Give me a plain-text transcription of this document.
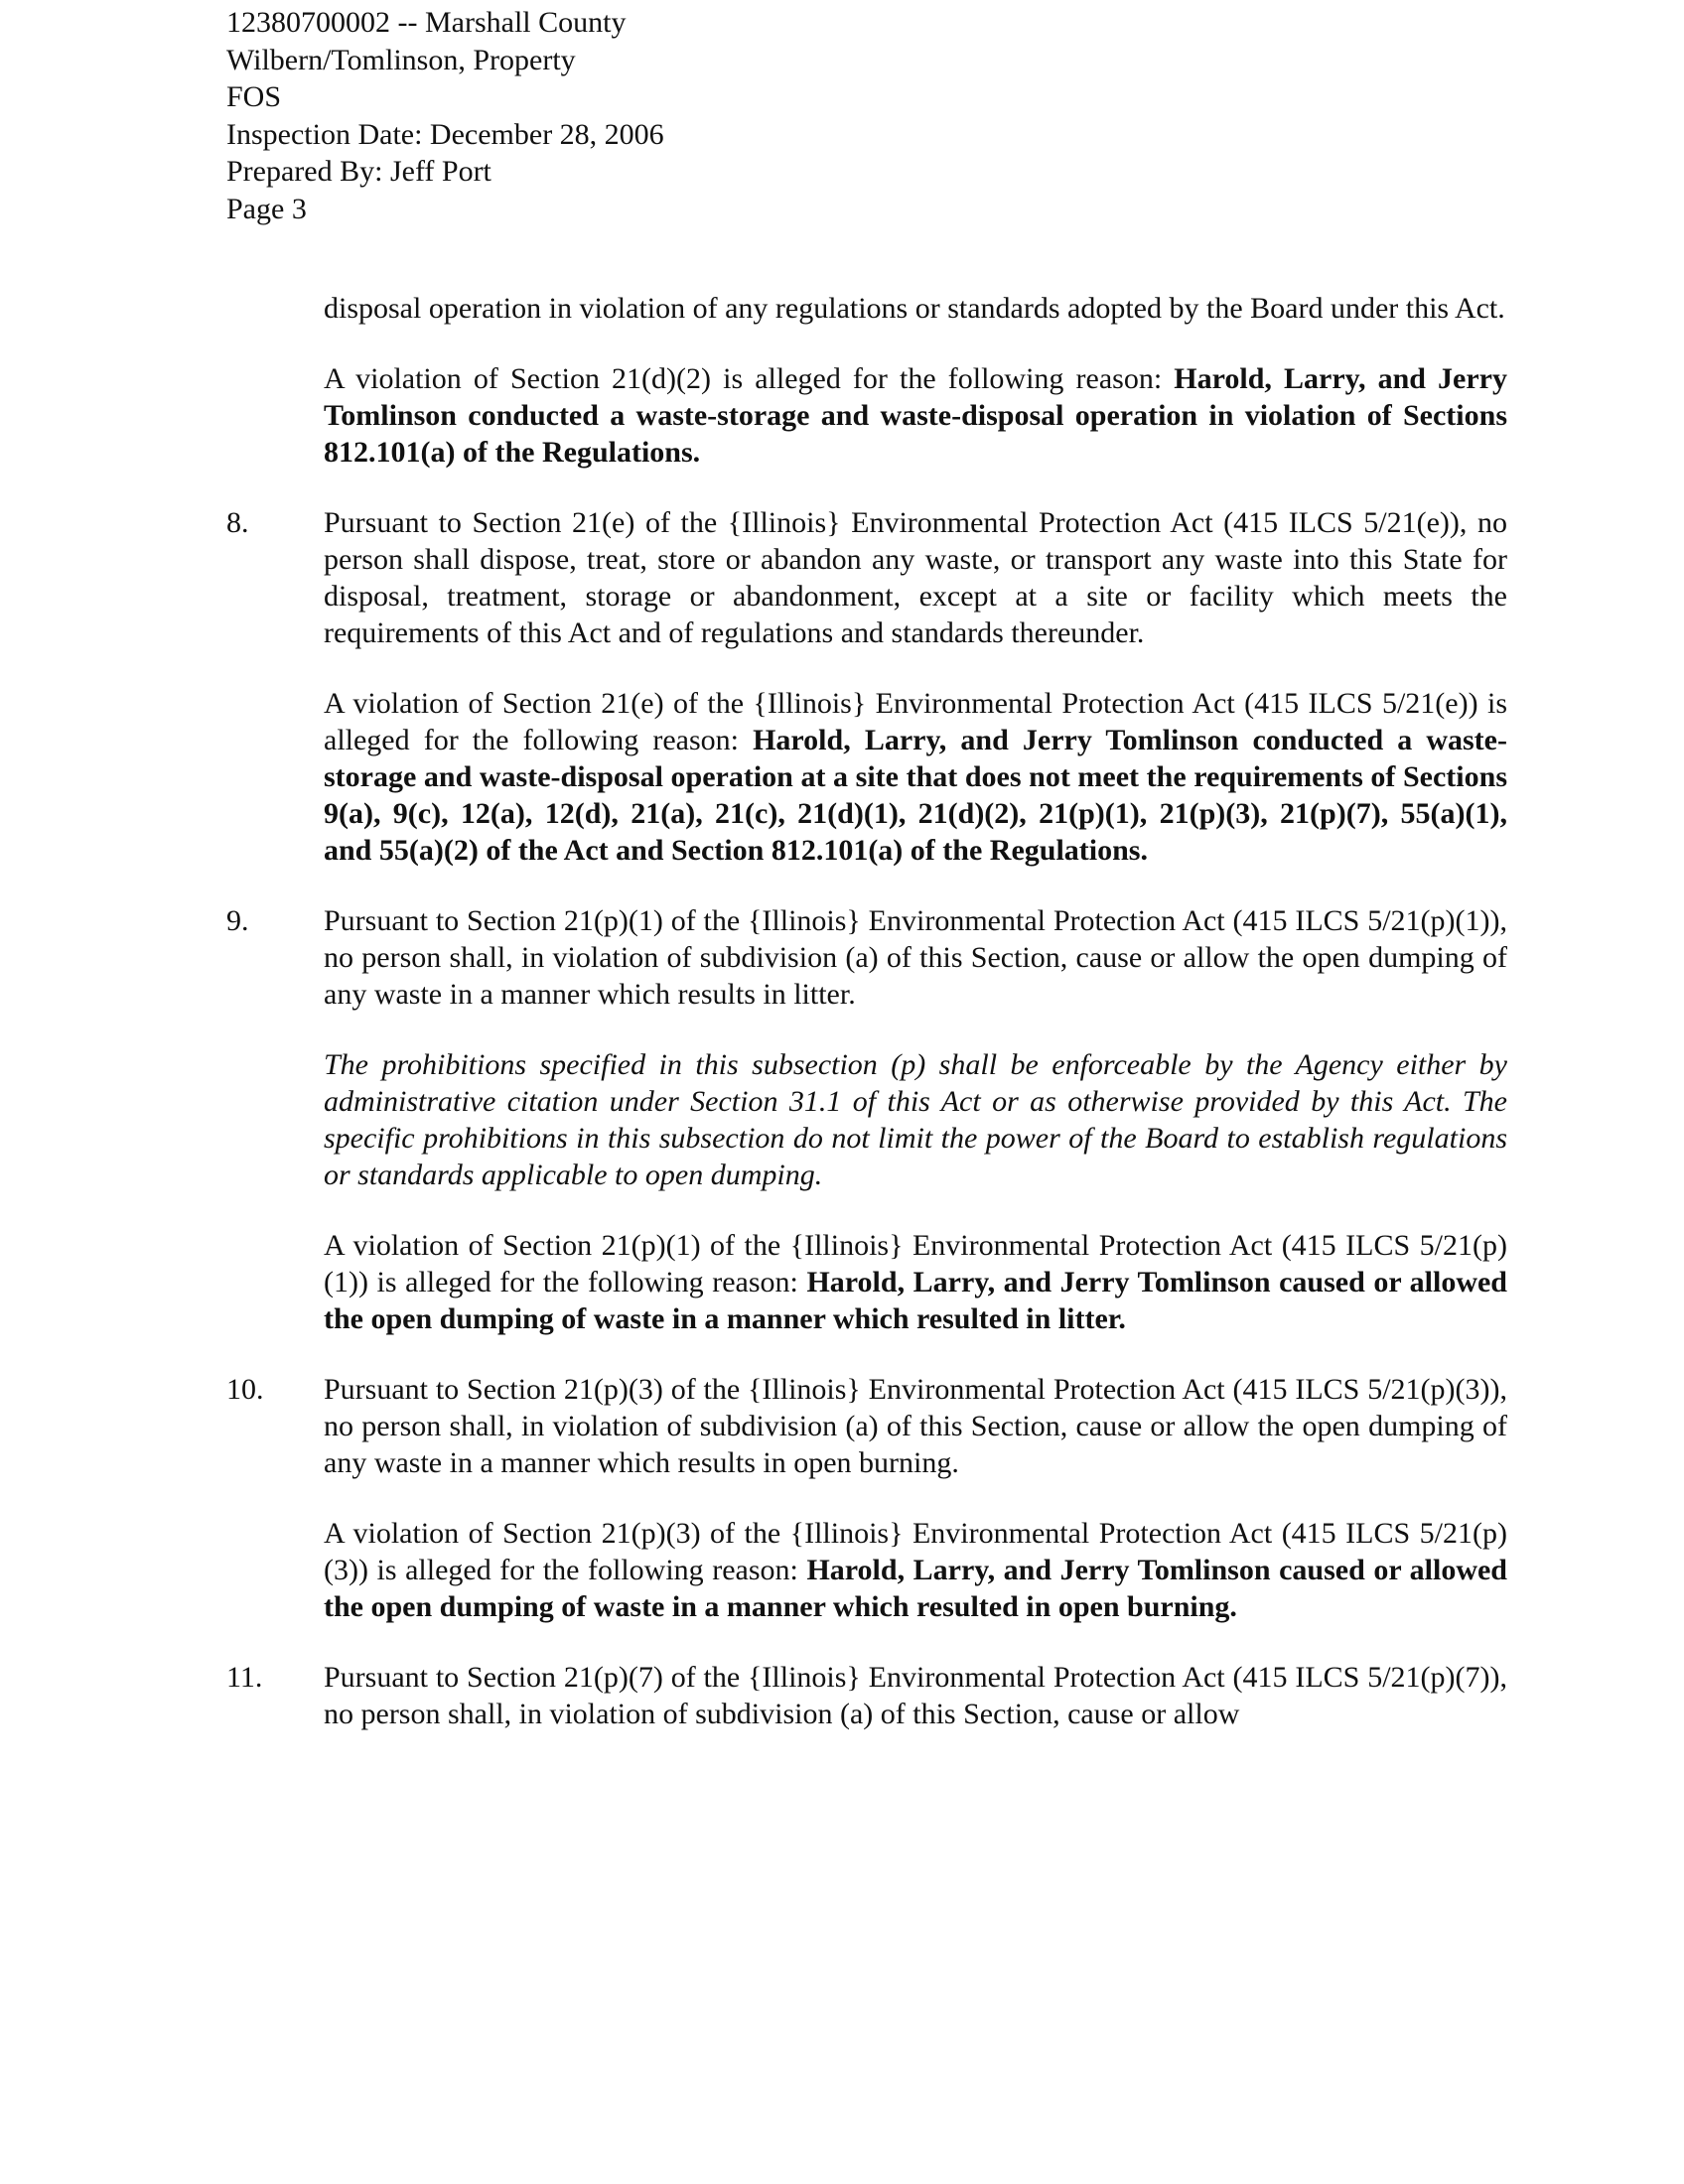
12380700002 -- Marshall County
Wilbern/Tomlinson, Property
FOS
Inspection Date: December 28, 2006
Prepared By: Jeff Port
Page 3

disposal operation in violation of any regulations or standards adopted by the Board under this Act.

A violation of Section 21(d)(2) is alleged for the following reason: Harold, Larry, and Jerry Tomlinson conducted a waste-storage and waste-disposal operation in violation of Sections 812.101(a) of the Regulations.

8.	Pursuant to Section 21(e) of the {Illinois} Environmental Protection Act (415 ILCS 5/21(e)), no person shall dispose, treat, store or abandon any waste, or transport any waste into this State for disposal, treatment, storage or abandonment, except at a site or facility which meets the requirements of this Act and of regulations and standards thereunder.

A violation of Section 21(e) of the {Illinois} Environmental Protection Act (415 ILCS 5/21(e)) is alleged for the following reason: Harold, Larry, and Jerry Tomlinson conducted a waste-storage and waste-disposal operation at a site that does not meet the requirements of Sections 9(a), 9(c), 12(a), 12(d), 21(a), 21(c), 21(d)(1), 21(d)(2), 21(p)(1), 21(p)(3), 21(p)(7), 55(a)(1), and 55(a)(2) of the Act and Section 812.101(a) of the Regulations.

9.	Pursuant to Section 21(p)(1) of the {Illinois} Environmental Protection Act (415 ILCS 5/21(p)(1)), no person shall, in violation of subdivision (a) of this Section, cause or allow the open dumping of any waste in a manner which results in litter.

The prohibitions specified in this subsection (p) shall be enforceable by the Agency either by administrative citation under Section 31.1 of this Act or as otherwise provided by this Act. The specific prohibitions in this subsection do not limit the power of the Board to establish regulations or standards applicable to open dumping.

A violation of Section 21(p)(1) of the {Illinois} Environmental Protection Act (415 ILCS 5/21(p)(1)) is alleged for the following reason: Harold, Larry, and Jerry Tomlinson caused or allowed the open dumping of waste in a manner which resulted in litter.

10. Pursuant to Section 21(p)(3) of the {Illinois} Environmental Protection Act (415 ILCS 5/21(p)(3)), no person shall, in violation of subdivision (a) of this Section, cause or allow the open dumping of any waste in a manner which results in open burning.

A violation of Section 21(p)(3) of the {Illinois} Environmental Protection Act (415 ILCS 5/21(p)(3)) is alleged for the following reason: Harold, Larry, and Jerry Tomlinson caused or allowed the open dumping of waste in a manner which resulted in open burning.

11. Pursuant to Section 21(p)(7) of the {Illinois} Environmental Protection Act (415 ILCS 5/21(p)(7)), no person shall, in violation of subdivision (a) of this Section, cause or allow
